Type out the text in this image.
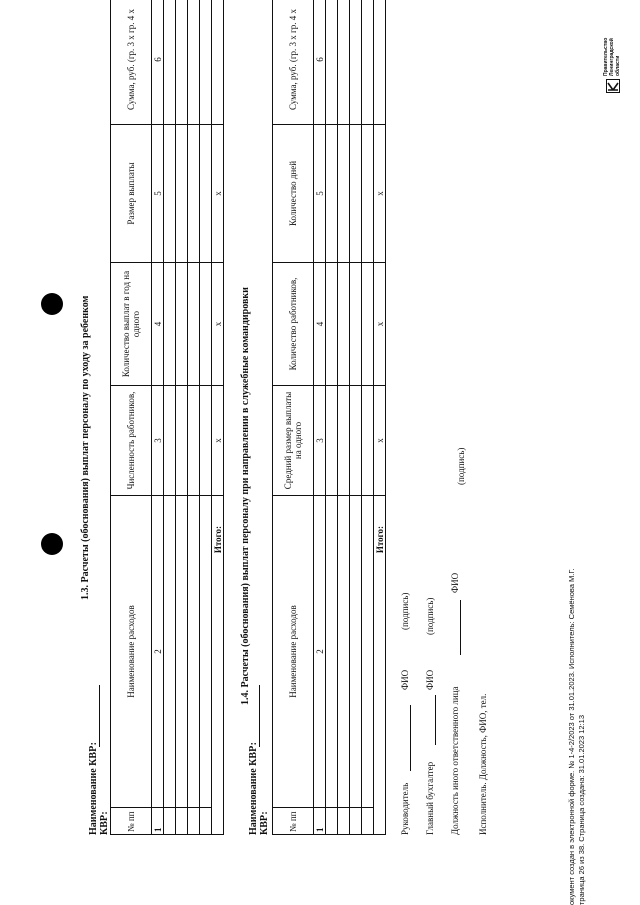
1.3. Расчеты (обоснования) выплат персоналу по уходу за ребенком
Наименование КВР: КВР: № пп	Наименование расходов	Численность работников,	Количество выплат в год на одного	Размер выплаты	Сумма, руб. (гр. 3 х гр. 4 х
1	2	3	4	5	6

Итого:		х	х	х	
1.4. Расчеты (обоснования) выплат персоналу при направлении в служебные командировки
Наименование КВР: КВР: № пп	Наименование расходов	Средний размер выплаты на одного	Количество работников,	Количество дней	Сумма, руб. (гр. 3 х гр. 4 х
1	2	3	4	5	6

Итого:		х	х	х	
Руководитель
ФИО
(подпись)
Главный бухгалтер
ФИО
(подпись)
Должность иного ответственного лица
ФИО
(подпись)
Исполнитель. Должность, ФИО, тел.	окумент создан в электронной форме. № 1-4-2/2023 от 31.01.2023. Исполнитель: Семёнова М.Г. траница 26 из 38. Страница создана: 31.01.2023 12:13
Правительство Ленинградской области
